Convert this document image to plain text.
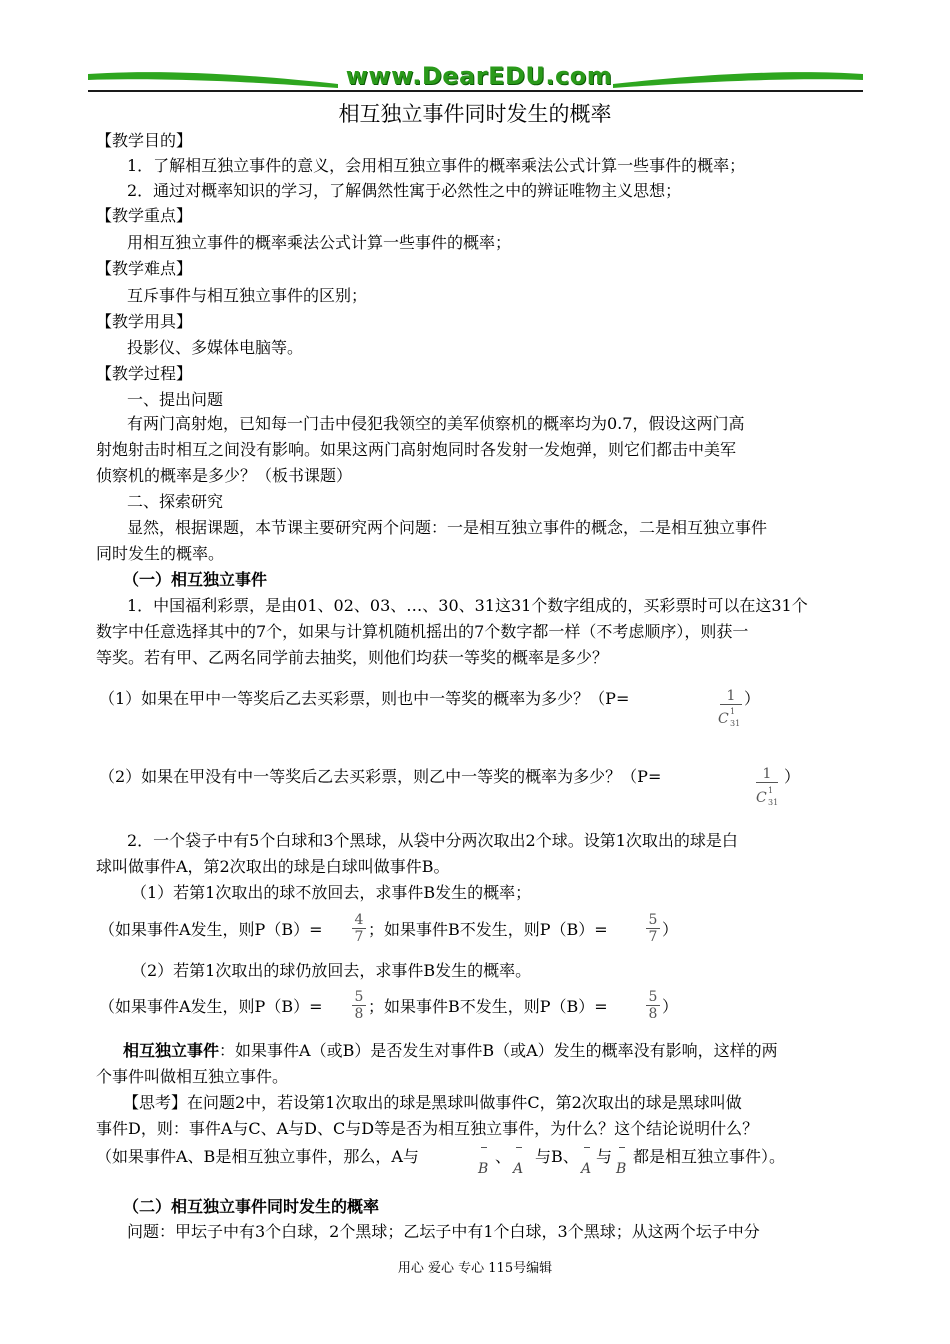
www.DearEDU.com
相互独立事件同时发生的概率
【教学目的】
1．了解相互独立事件的意义，会用相互独立事件的概率乘法公式计算一些事件的概率；
2．通过对概率知识的学习，了解偶然性寓于必然性之中的辨证唯物主义思想；
【教学重点】
用相互独立事件的概率乘法公式计算一些事件的概率；
【教学难点】
互斥事件与相互独立事件的区别；
【教学用具】
投影仪、多媒体电脑等。
【教学过程】
一、提出问题
有两门高射炮，已知每一门击中侵犯我领空的美军侦察机的概率均为0.7，假设这两门高
射炮射击时相互之间没有影响。如果这两门高射炮同时各发射一发炮弹，则它们都击中美军
侦察机的概率是多少？（板书课题）
二、探索研究
显然，根据课题，本节课主要研究两个问题：一是相互独立事件的概念，二是相互独立事件
同时发生的概率。
（一）相互独立事件
1．中国福利彩票，是由01、02、03、…、30、31这31个数字组成的，买彩票时可以在这31个
数字中任意选择其中的7个，如果与计算机随机摇出的7个数字都一样（不考虑顺序），则获一
等奖。若有甲、乙两名同学前去抽奖，则他们均获一等奖的概率是多少？
（1）如果在甲中一等奖后乙去买彩票，则也中一等奖的概率为多少？（P=	1
C 1
31
）
（2）如果在甲没有中一等奖后乙去买彩票，则乙中一等奖的概率为多少？（P=	1
C 1
31
）
2．一个袋子中有5个白球和3个黑球，从袋中分两次取出2个球。设第1次取出的球是白
球叫做事件A，第2次取出的球是白球叫做事件B。
（1）若第1次取出的球不放回去，求事件B发生的概率；
（如果事件A发生，则$P(B)= \frac{4}{7}$ ；如果事件B不发生，则P（B）=	$\frac{5}{7}$ ）
（2）若第1次取出的球仍放回去，求事件B发生的概率。
（如果事件A发生，则$P(B)= \frac{5}{8}$ ；如果事件B不发生，则P（B）=	$\frac{5}{8}$ ）
相互独立事件：如果事件A（或B）是否发生对事件B（或A）发生的概率没有影响，这样的两
个事件叫做相互独立事件。
【思考】在问题2中，若设第1次取出的球是黑球叫做事件C，第2次取出的球是黑球叫做
事件D，则：事件A与C、A与D、C与D等是否为相互独立事件，为什么？这个结论说明什么？
（如果事件A、B是相互独立事件，那么，A与
B
、
A
与B、
A
与
B
都是相互独立事件）。
（二）相互独立事件同时发生的概率
问题：甲坛子中有3个白球，2个黑球；乙坛子中有1个白球，3个黑球；从这两个坛子中分
用心 爱心 专心 115号编辑
